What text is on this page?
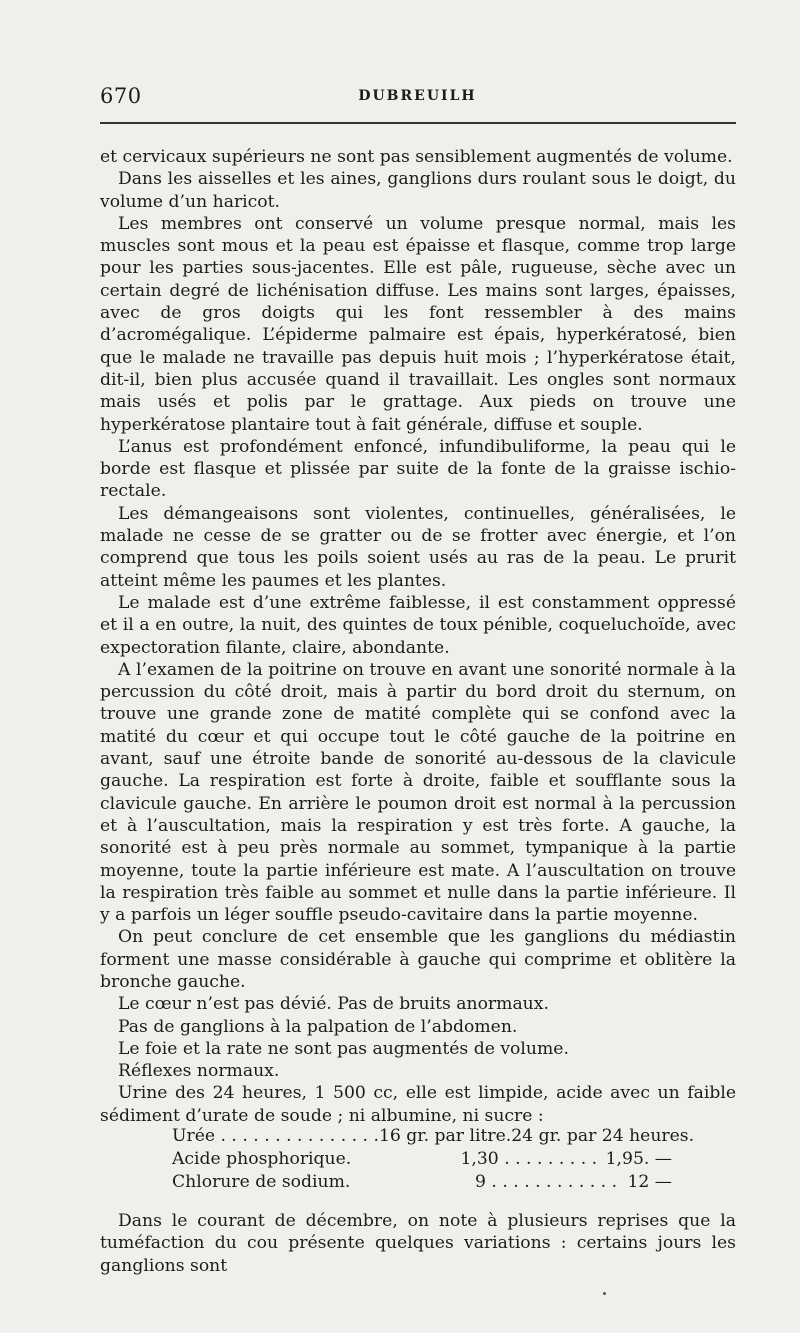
670	DUBREUILH

et cervicaux supérieurs ne sont pas sensiblement augmentés de volume.

Dans les aisselles et les aines, ganglions durs roulant sous le doigt, du volume d’un haricot.

Les membres ont conservé un volume presque normal, mais les muscles sont mous et la peau est épaisse et flasque, comme trop large pour les parties sous-jacentes. Elle est pâle, rugueuse, sèche avec un certain degré de lichénisation diffuse. Les mains sont larges, épaisses, avec de gros doigts qui les font ressembler à des mains d’acromégalique. L’épiderme palmaire est épais, hyperkératosé, bien que le malade ne travaille pas depuis huit mois ; l’hyperkératose était, dit-il, bien plus accusée quand il travaillait. Les ongles sont normaux mais usés et polis par le grattage. Aux pieds on trouve une hyperkératose plantaire tout à fait générale, diffuse et souple.

L’anus est profondément enfoncé, infundibuliforme, la peau qui le borde est flasque et plissée par suite de la fonte de la graisse ischio-rectale.

Les démangeaisons sont violentes, continuelles, généralisées, le malade ne cesse de se gratter ou de se frotter avec énergie, et l’on comprend que tous les poils soient usés au ras de la peau. Le prurit atteint même les paumes et les plantes.

Le malade est d’une extrême faiblesse, il est constamment oppressé et il a en outre, la nuit, des quintes de toux pénible, coqueluchoïde, avec expectoration filante, claire, abondante.

A l’examen de la poitrine on trouve en avant une sonorité normale à la percussion du côté droit, mais à partir du bord droit du sternum, on trouve une grande zone de matité complète qui se confond avec la matité du cœur et qui occupe tout le côté gauche de la poitrine en avant, sauf une étroite bande de sonorité au-dessous de la clavicule gauche. La respiration est forte à droite, faible et soufflante sous la clavicule gauche. En arrière le poumon droit est normal à la percussion et à l’auscultation, mais la respiration y est très forte. A gauche, la sonorité est à peu près normale au sommet, tympanique à la partie moyenne, toute la partie inférieure est mate. A l’auscultation on trouve la respiration très faible au sommet et nulle dans la partie inférieure. Il y a parfois un léger souffle pseudo-cavitaire dans la partie moyenne.

On peut conclure de cet ensemble que les ganglions du médiastin forment une masse considérable à gauche qui comprime et oblitère la bronche gauche.

Le cœur n’est pas dévié. Pas de bruits anormaux.

Pas de ganglions à la palpation de l’abdomen.

Le foie et la rate ne sont pas augmentés de volume.

Réflexes normaux.

Urine des 24 heures, 1 500 cc, elle est limpide, acide avec un faible sédiment d’urate de soude ; ni albumine, ni sucre :

Urée . . . . . . . . . . . . . . . 16 gr. par litre. 24 gr. par 24 heures.
Acide phosphorique.	1,30 . . . . . . . . . 1,95. —
Chlorure de sodium.	9 . . . . . . . . . . . . 12 —

Dans le courant de décembre, on note à plusieurs reprises que la tuméfaction du cou présente quelques variations : certains jours les ganglions sont
